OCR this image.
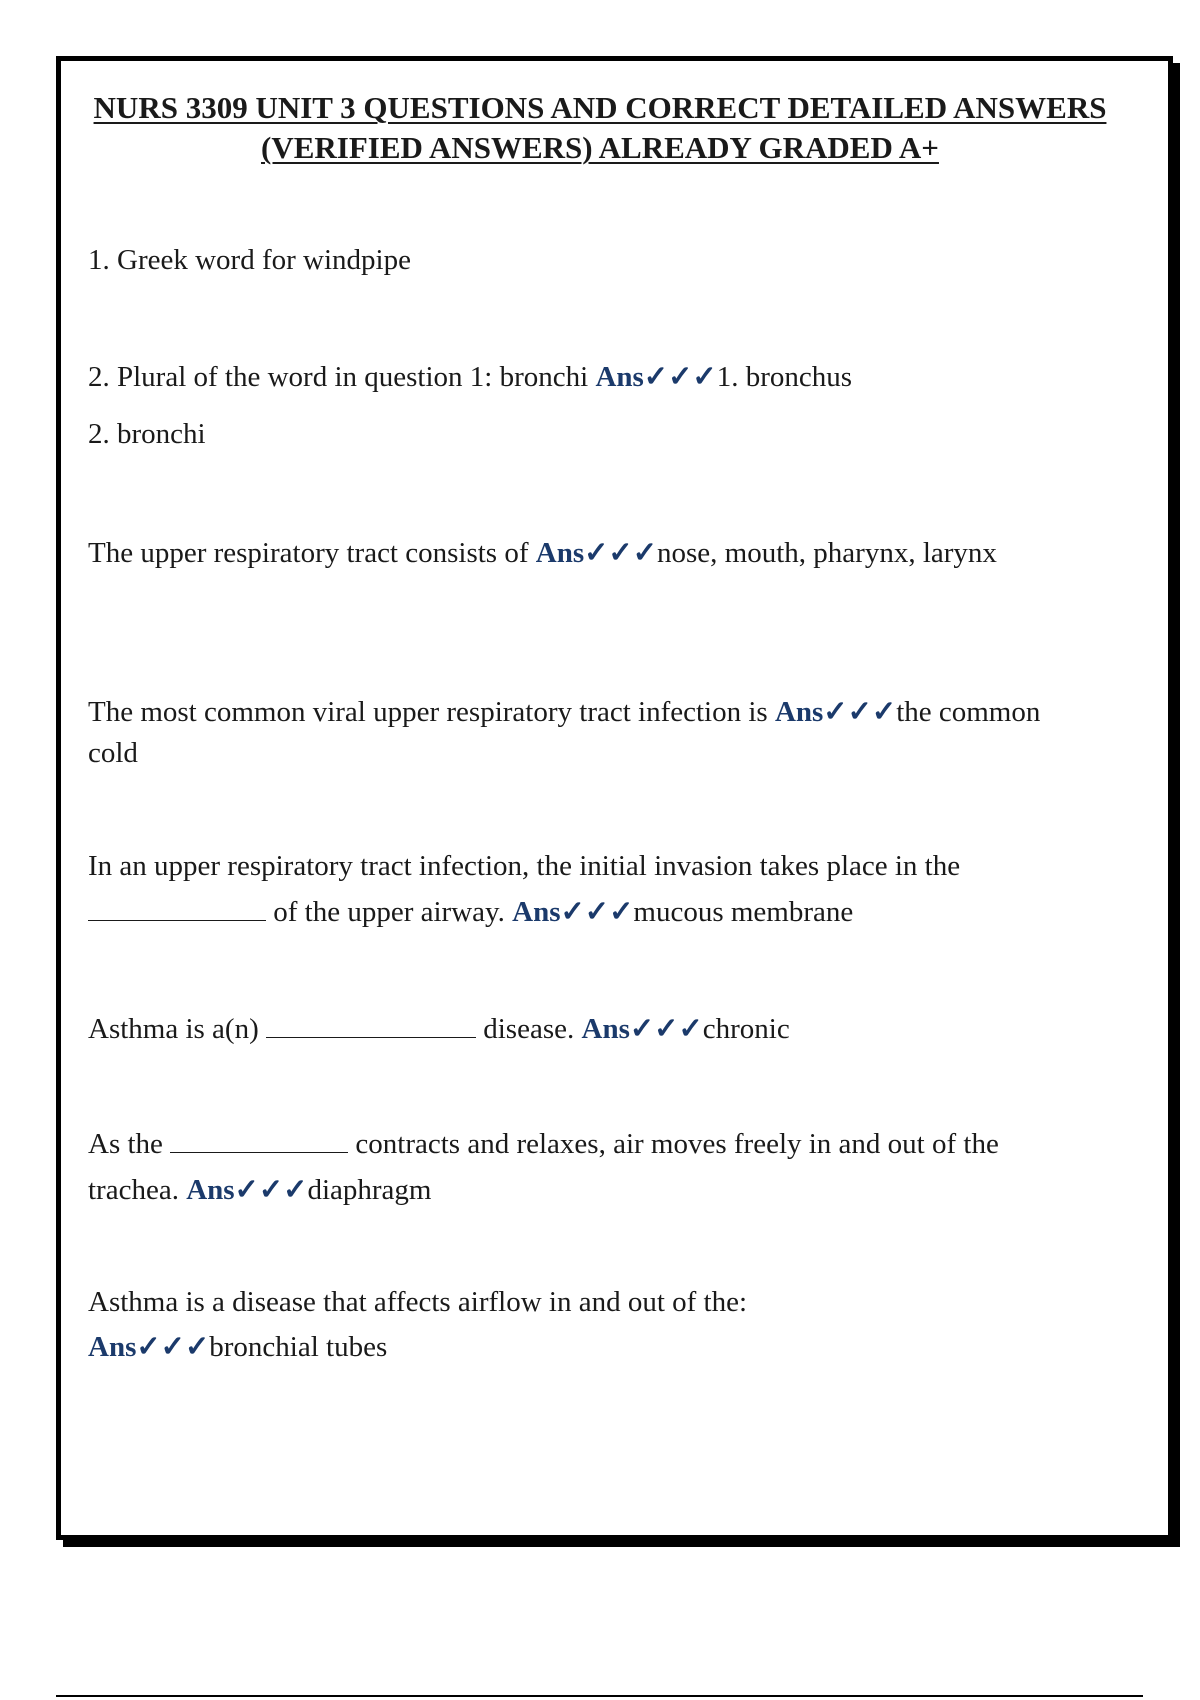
NURS 3309 UNIT 3 QUESTIONS AND CORRECT DETAILED ANSWERS (VERIFIED ANSWERS) ALREADY GRADED A+

1. Greek word for windpipe

2. Plural of the word in question 1: bronchi Ans✓✓✓1. bronchus

2. bronchi

The upper respiratory tract consists of Ans✓✓✓nose, mouth, pharynx, larynx

The most common viral upper respiratory tract infection is Ans✓✓✓the common cold

In an upper respiratory tract infection, the initial invasion takes place in the  of the upper airway. Ans✓✓✓mucous membrane

Asthma is a(n)	disease. Ans✓✓✓chronic

As the	contracts and relaxes, air moves freely in and out of the trachea. Ans✓✓✓diaphragm

Asthma is a disease that affects airflow in and out of the:
Ans✓✓✓bronchial tubes
